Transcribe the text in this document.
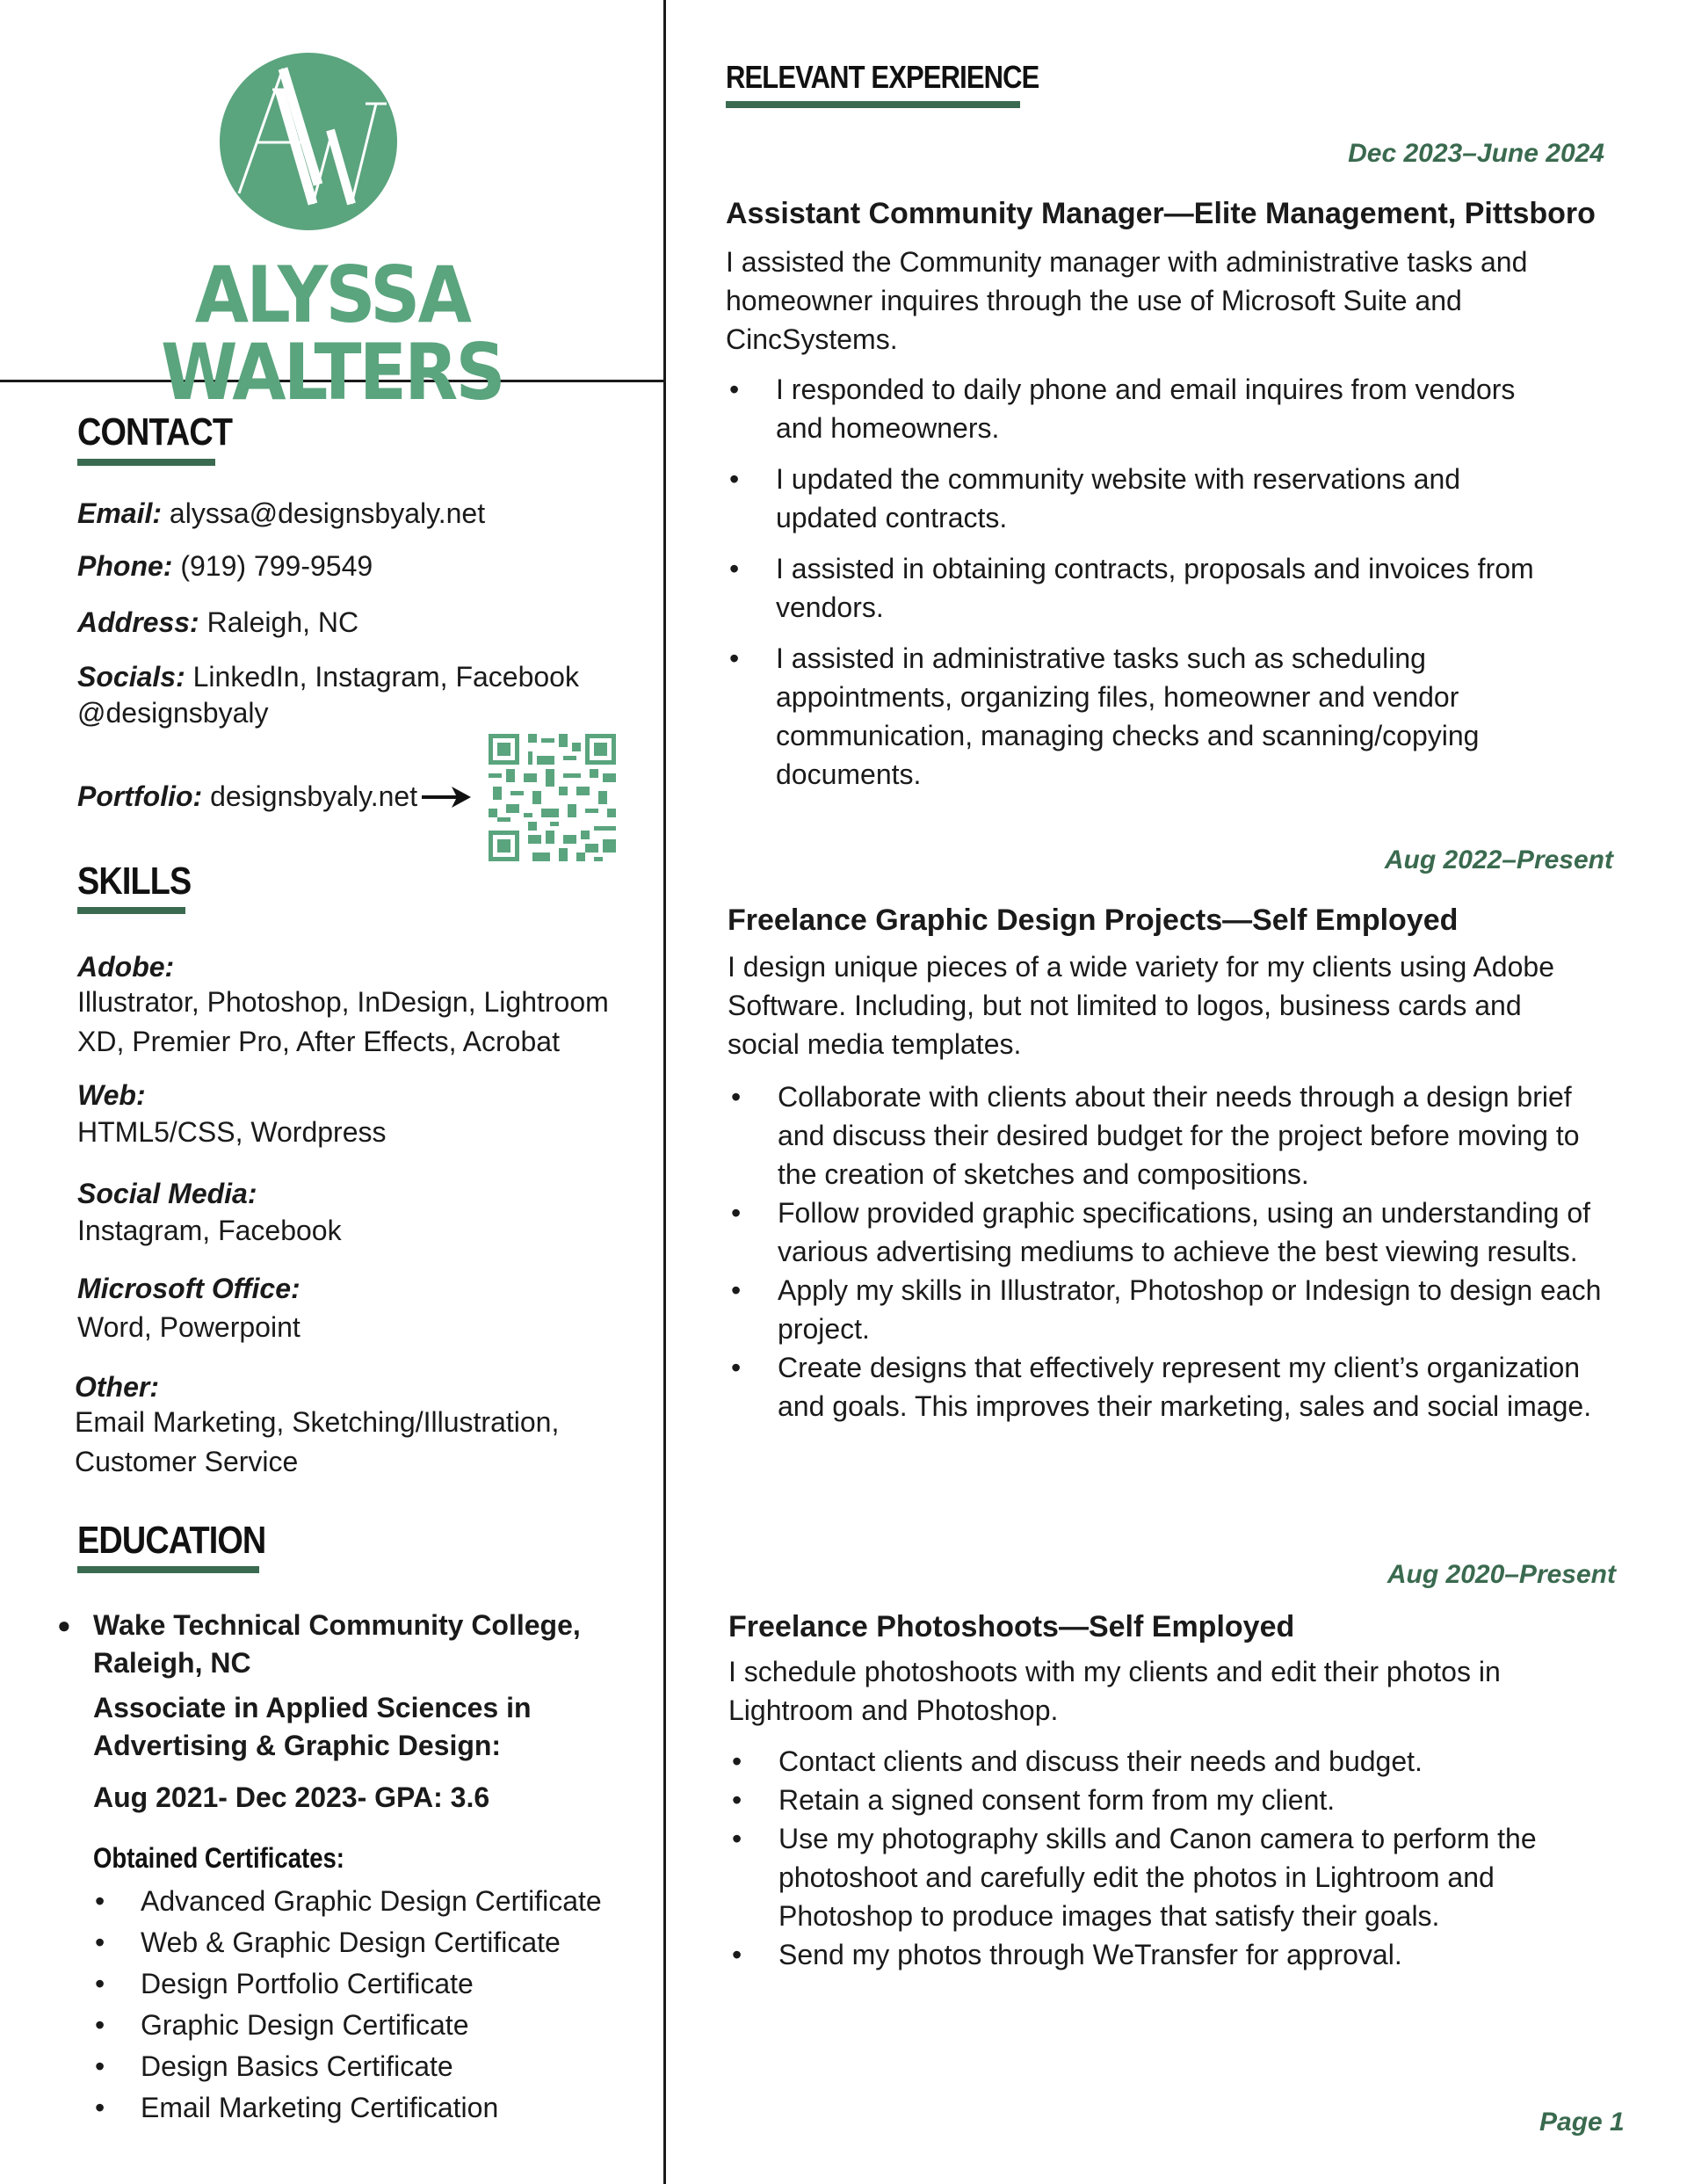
ALYSSA WALTERS
CONTACT
Email: alyssa@designsbyaly.net
Phone: (919) 799-9549
Address: Raleigh, NC
Socials: LinkedIn, Instagram, Facebook
@designsbyaly
Portfolio: designsbyaly.net
SKILLS
Adobe:
Illustrator, Photoshop, InDesign, Lightroom XD, Premier Pro, After Effects, Acrobat
Web:
HTML5/CSS, Wordpress
Social Media:
Instagram, Facebook
Microsoft Office:
Word, Powerpoint
Other:
Email Marketing, Sketching/Illustration, Customer Service
EDUCATION
● Wake Technical Community College, Raleigh, NC
Associate in Applied Sciences in Advertising & Graphic Design:
Aug 2021- Dec 2023- GPA: 3.6
Obtained Certificates:
• Advanced Graphic Design Certificate
• Web & Graphic Design Certificate
• Design Portfolio Certificate
• Graphic Design Certificate
• Design Basics Certificate
• Email Marketing Certification
RELEVANT EXPERIENCE
Dec 2023–June 2024
Assistant Community Manager—Elite Management, Pittsboro
I assisted the Community manager with administrative tasks and homeowner inquires through the use of Microsoft Suite and CincSystems.
• I responded to daily phone and email inquires from vendors and homeowners.
• I updated the community website with reservations and updated contracts.
• I assisted in obtaining contracts, proposals and invoices from vendors.
• I assisted in administrative tasks such as scheduling appointments, organizing files, homeowner and vendor communication, managing checks and scanning/copying documents.
Aug 2022–Present
Freelance Graphic Design Projects—Self Employed
I design unique pieces of a wide variety for my clients using Adobe Software. Including, but not limited to logos, business cards and social media templates.
• Collaborate with clients about their needs through a design brief and discuss their desired budget for the project before moving to the creation of sketches and compositions.
• Follow provided graphic specifications, using an understanding of various advertising mediums to achieve the best viewing results.
• Apply my skills in Illustrator, Photoshop or Indesign to design each project.
• Create designs that effectively represent my client’s organization and goals. This improves their marketing, sales and social image.
Aug 2020–Present
Freelance Photoshoots—Self Employed
I schedule photoshoots with my clients and edit their photos in Lightroom and Photoshop.
• Contact clients and discuss their needs and budget.
• Retain a signed consent form from my client.
• Use my photography skills and Canon camera to perform the photoshoot and carefully edit the photos in Lightroom and Photoshop to produce images that satisfy their goals.
• Send my photos through WeTransfer for approval.
Page 1
